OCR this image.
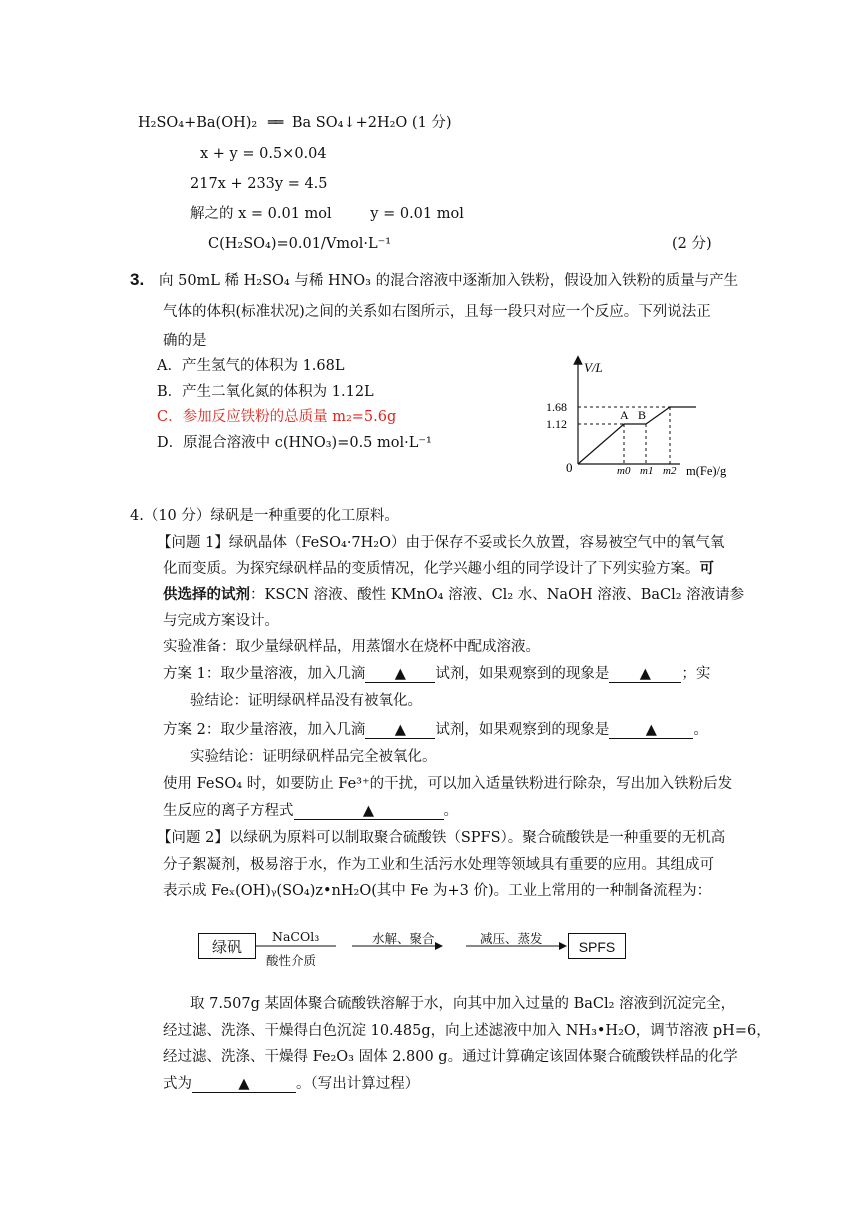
H₂SO₄+Ba(OH)₂ ══ Ba SO₄↓+2H₂O (1 分)
x + y = 0.5×0.04
217x + 233y = 4.5
解之的 x = 0.01 mol	y = 0.01 mol
C(H₂SO₄)=0.01/Vmol·L⁻¹	(2 分)
3. 向 50mL 稀 H₂SO₄ 与稀 HNO₃ 的混合溶液中逐渐加入铁粉，假设加入铁粉的质量与产生
气体的体积(标准状况)之间的关系如右图所示，且每一段只对应一个反应。下列说法正
确的是
A．产生氢气的体积为 1.68L
B．产生二氧化氮的体积为 1.12L
C．参加反应铁粉的总质量 m₂=5.6g
D．原混合溶液中 c(HNO₃)=0.5 mol·L⁻¹
V/L
m(Fe)/g
0
1.68
1.12
A B
m0 m1 m2
4.（10 分）绿矾是一种重要的化工原料。
【问题 1】绿矾晶体（FeSO₄·7H₂O）由于保存不妥或长久放置，容易被空气中的氧气氧
化而变质。为探究绿矾样品的变质情况，化学兴趣小组的同学设计了下列实验方案。可
供选择的试剂：KSCN 溶液、酸性 KMnO₄ 溶液、Cl₂ 水、NaOH 溶液、BaCl₂ 溶液请参
与完成方案设计。
实验准备：取少量绿矾样品，用蒸馏水在烧杯中配成溶液。
方案 1：取少量溶液，加入几滴 ▲ 试剂，如果观察到的现象是 ▲ ；实
验结论：证明绿矾样品没有被氧化。
方案 2：取少量溶液，加入几滴 ▲ 试剂，如果观察到的现象是	▲	。
实验结论：证明绿矾样品完全被氧化。
使用 FeSO₄ 时，如要防止 Fe³⁺的干扰，可以加入适量铁粉进行除杂，写出加入铁粉后发
生反应的离子方程式	▲	。
【问题 2】以绿矾为原料可以制取聚合硫酸铁（SPFS）。聚合硫酸铁是一种重要的无机高
分子絮凝剂，极易溶于水，作为工业和生活污水处理等领域具有重要的应用。其组成可
表示成 Feₓ(OH)ᵧ(SO₄)z•nH₂O(其中 Fe 为+3 价)。工业上常用的一种制备流程为：
绿矾
NaCOl₃
酸性介质
水解、聚合	减压、蒸发
SPFS
取 7.507g 某固体聚合硫酸铁溶解于水，向其中加入过量的 BaCl₂ 溶液到沉淀完全，
经过滤、洗涤、干燥得白色沉淀 10.485g，向上述滤液中加入 NH₃•H₂O，调节溶液 pH=6，
经过滤、洗涤、干燥得 Fe₂O₃ 固体 2.800 g。通过计算确定该固体聚合硫酸铁样品的化学
式为	▲	。（写出计算过程）
